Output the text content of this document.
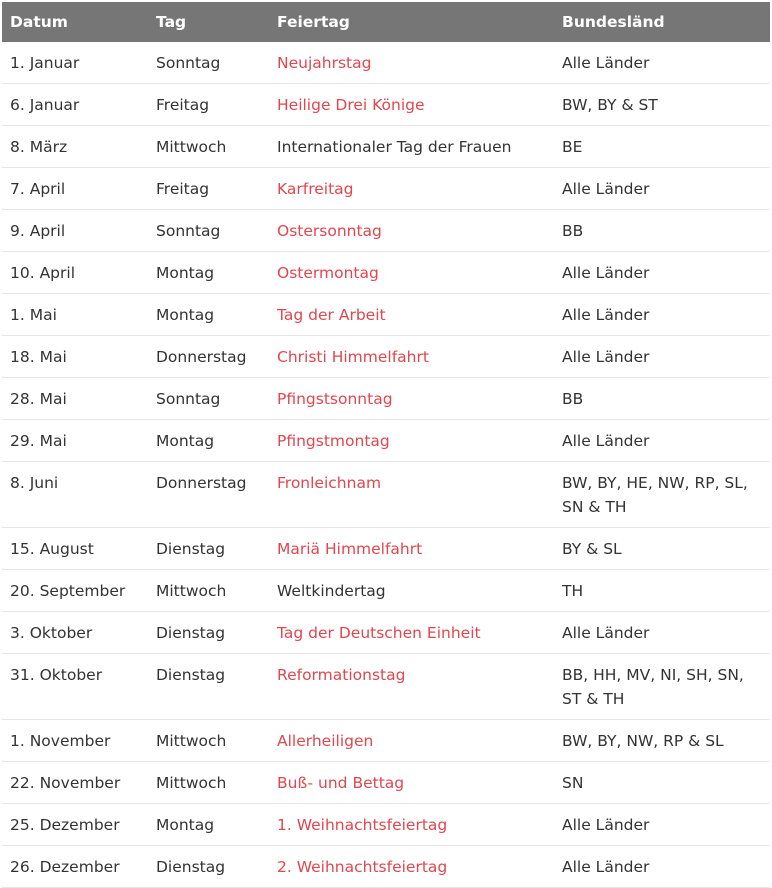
Datum	Tag	Feiertag	Bundesländ
1. Januar	Sonntag	Neujahrstag	Alle Länder
6. Januar	Freitag	Heilige Drei Könige	BW, BY & ST
8. März	Mittwoch	Internationaler Tag der Frauen	BE
7. April	Freitag	Karfreitag	Alle Länder
9. April	Sonntag	Ostersonntag	BB
10. April	Montag	Ostermontag	Alle Länder
1. Mai	Montag	Tag der Arbeit	Alle Länder
18. Mai	Donnerstag	Christi Himmelfahrt	Alle Länder
28. Mai	Sonntag	Pfingstsonntag	BB
29. Mai	Montag	Pfingstmontag	Alle Länder
8. Juni	Donnerstag	Fronleichnam	BW, BY, HE, NW, RP, SL, SN & TH
15. August	Dienstag	Mariä Himmelfahrt	BY & SL
20. September	Mittwoch	Weltkindertag	TH
3. Oktober	Dienstag	Tag der Deutschen Einheit	Alle Länder
31. Oktober	Dienstag	Reformationstag	BB, HH, MV, NI, SH, SN, ST & TH
1. November	Mittwoch	Allerheiligen	BW, BY, NW, RP & SL
22. November	Mittwoch	Buß- und Bettag	SN
25. Dezember	Montag	1. Weihnachtsfeiertag	Alle Länder
26. Dezember	Dienstag	2. Weihnachtsfeiertag	Alle Länder
